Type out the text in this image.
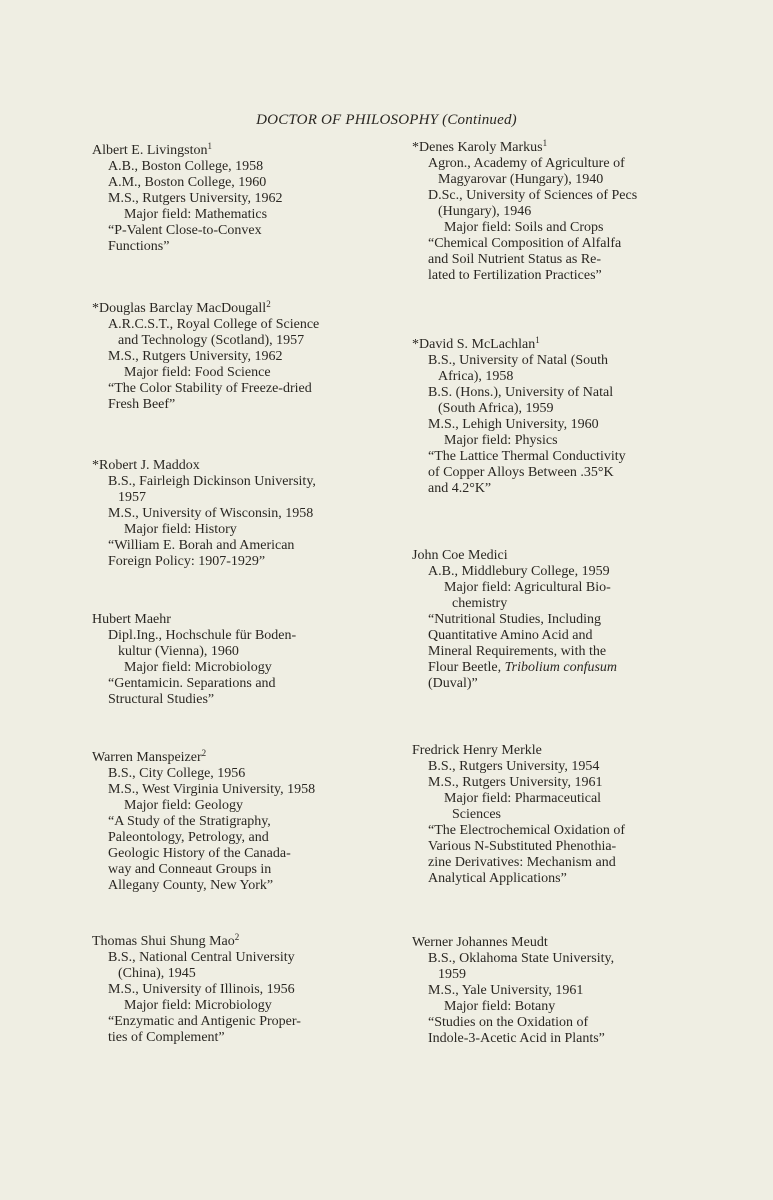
DOCTOR OF PHILOSOPHY (Continued)
Albert E. Livingston$^1$
A.B., Boston College, 1958
A.M., Boston College, 1960
M.S., Rutgers University, 1962
Major field: Mathematics
“P-Valent Close-to-Convex
Functions”
*Douglas Barclay MacDougall$^2$
A.R.C.S.T., Royal College of Science
and Technology (Scotland), 1957
M.S., Rutgers University, 1962
Major field: Food Science
“The Color Stability of Freeze-dried
Fresh Beef”
*Robert J. Maddox
B.S., Fairleigh Dickinson University,
1957
M.S., University of Wisconsin, 1958
Major field: History
“William E. Borah and American
Foreign Policy: 1907-1929”
Hubert Maehr
Dipl.Ing., Hochschule für Boden-
kultur (Vienna), 1960
Major field: Microbiology
“Gentamicin. Separations and
Structural Studies”
Warren Manspeizer$^2$
B.S., City College, 1956
M.S., West Virginia University, 1958
Major field: Geology
“A Study of the Stratigraphy,
Paleontology, Petrology, and
Geologic History of the Canada-
way and Conneaut Groups in
Allegany County, New York”
Thomas Shui Shung Mao$^2$
B.S., National Central University
(China), 1945
M.S., University of Illinois, 1956
Major field: Microbiology
“Enzymatic and Antigenic Proper-
ties of Complement”
*Denes Karoly Markus$^1$
Agron., Academy of Agriculture of
Magyarovar (Hungary), 1940
D.Sc., University of Sciences of Pecs
(Hungary), 1946
Major field: Soils and Crops
“Chemical Composition of Alfalfa
and Soil Nutrient Status as Re-
lated to Fertilization Practices”
*David S. McLachlan$^1$
B.S., University of Natal (South
Africa), 1958
B.S. (Hons.), University of Natal
(South Africa), 1959
M.S., Lehigh University, 1960
Major field: Physics
“The Lattice Thermal Conductivity
of Copper Alloys Between .35°K
and 4.2°K”
John Coe Medici
A.B., Middlebury College, 1959
Major field: Agricultural Bio-
chemistry
“Nutritional Studies, Including
Quantitative Amino Acid and
Mineral Requirements, with the
Flour Beetle, Tribolium confusum
(Duval)”
Fredrick Henry Merkle
B.S., Rutgers University, 1954
M.S., Rutgers University, 1961
Major field: Pharmaceutical
Sciences
“The Electrochemical Oxidation of
Various N-Substituted Phenothia-
zine Derivatives: Mechanism and
Analytical Applications”
Werner Johannes Meudt
B.S., Oklahoma State University,
1959
M.S., Yale University, 1961
Major field: Botany
“Studies on the Oxidation of
Indole-3-Acetic Acid in Plants”
